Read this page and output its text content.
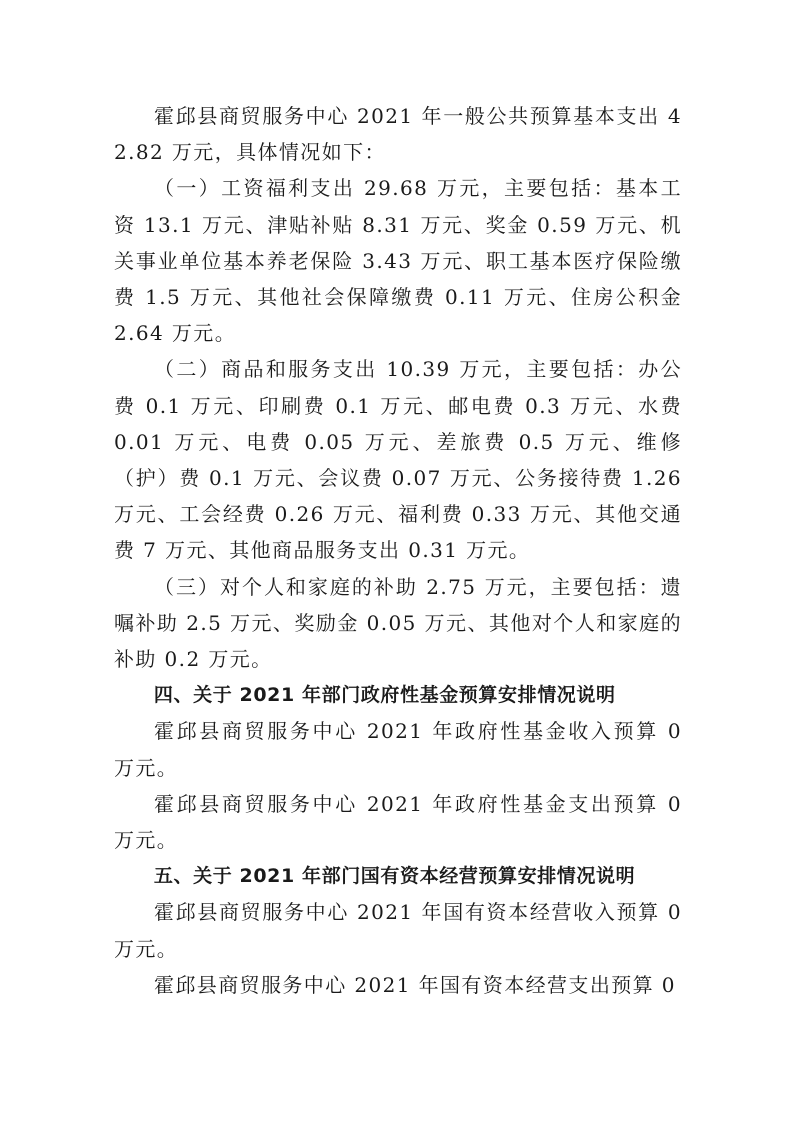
霍邱县商贸服务中心 2021 年一般公共预算基本支出 42.82 万元，具体情况如下：

（一）工资福利支出 29.68 万元，主要包括：基本工资 13.1 万元、津贴补贴 8.31 万元、奖金 0.59 万元、机关事业单位基本养老保险 3.43 万元、职工基本医疗保险缴费 1.5 万元、其他社会保障缴费 0.11 万元、住房公积金 2.64 万元。

（二）商品和服务支出 10.39 万元，主要包括：办公费 0.1 万元、印刷费 0.1 万元、邮电费 0.3 万元、水费 0.01 万元、电费 0.05 万元、差旅费 0.5 万元、维修（护）费 0.1 万元、会议费 0.07 万元、公务接待费 1.26 万元、工会经费 0.26 万元、福利费 0.33 万元、其他交通费 7 万元、其他商品服务支出 0.31 万元。

（三）对个人和家庭的补助 2.75 万元，主要包括：遗嘱补助 2.5 万元、奖励金 0.05 万元、其他对个人和家庭的补助 0.2 万元。

四、关于 2021 年部门政府性基金预算安排情况说明

霍邱县商贸服务中心 2021 年政府性基金收入预算 0 万元。

霍邱县商贸服务中心 2021 年政府性基金支出预算 0 万元。

五、关于 2021 年部门国有资本经营预算安排情况说明

霍邱县商贸服务中心 2021 年国有资本经营收入预算 0 万元。

霍邱县商贸服务中心 2021 年国有资本经营支出预算 0
